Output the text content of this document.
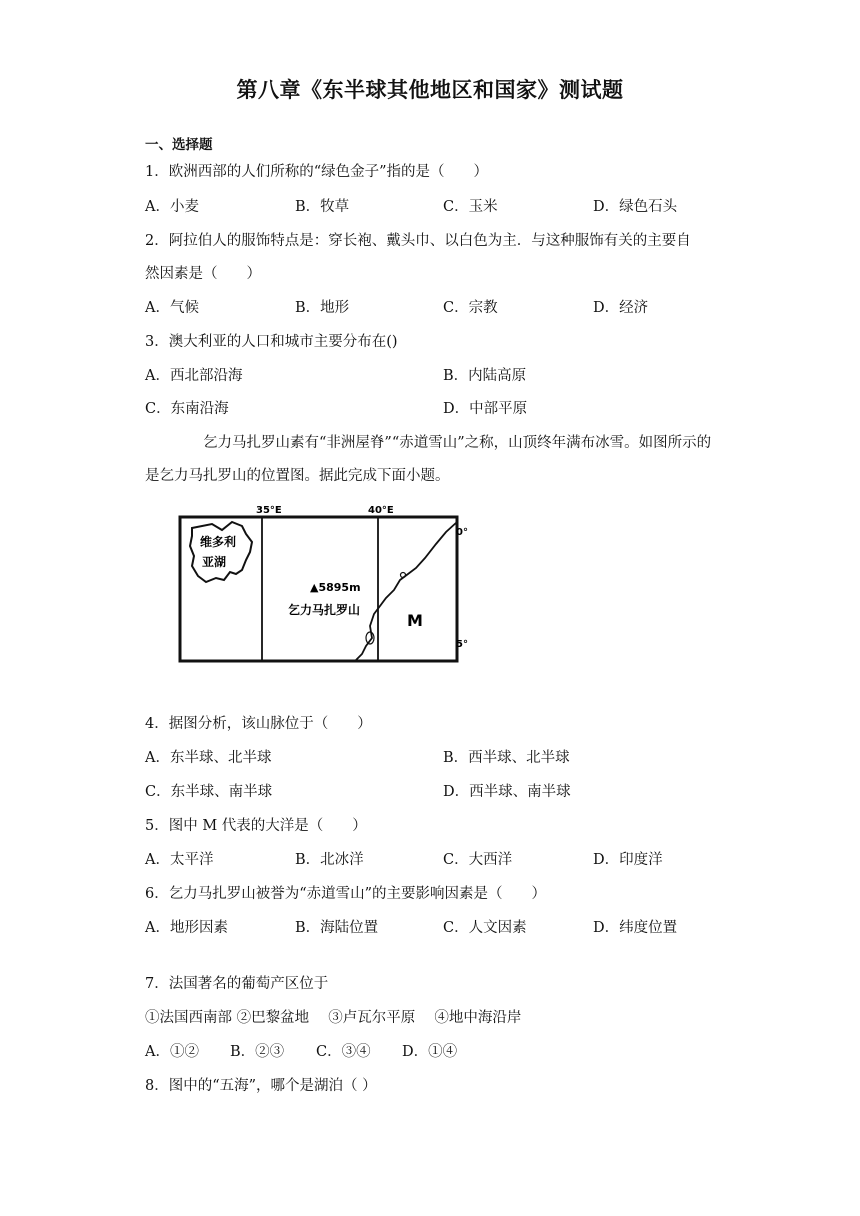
第八章《东半球其他地区和国家》测试题
一、选择题
1．欧洲西部的人们所称的“绿色金子”指的是（　　）
A．小麦	B．牧草	C．玉米	D．绿色石头
2．阿拉伯人的服饰特点是：穿长袍、戴头巾、以白色为主．与这种服饰有关的主要自
然因素是（　　）
A．气候	B．地形	C．宗教	D．经济
3．澳大利亚的人口和城市主要分布在()
A．西北部沿海	B．内陆高原
C．东南沿海	D．中部平原
乞力马扎罗山素有“非洲屋脊”“赤道雪山”之称，山顶终年满布冰雪。如图所示的是乞力马扎罗山的位置图。据此完成下面小题。
35°E	40°E
0°
5°
维多利
亚湖
▲5895m
乞力马扎罗山
M
4．据图分析，该山脉位于（　　）
A．东半球、北半球	B．西半球、北半球
C．东半球、南半球	D．西半球、南半球
5．图中 M 代表的大洋是（　　）
A．太平洋	B．北冰洋	C．大西洋	D．印度洋
6．乞力马扎罗山被誉为“赤道雪山”的主要影响因素是（　　）
A．地形因素	B．海陆位置	C．人文因素	D．纬度位置
7．法国著名的葡萄产区位于
①法国西南部 ②巴黎盆地　 ③卢瓦尔平原　 ④地中海沿岸
A．①② B．②③ C．③④ D．①④
8．图中的“五海”，哪个是湖泊（ ）
